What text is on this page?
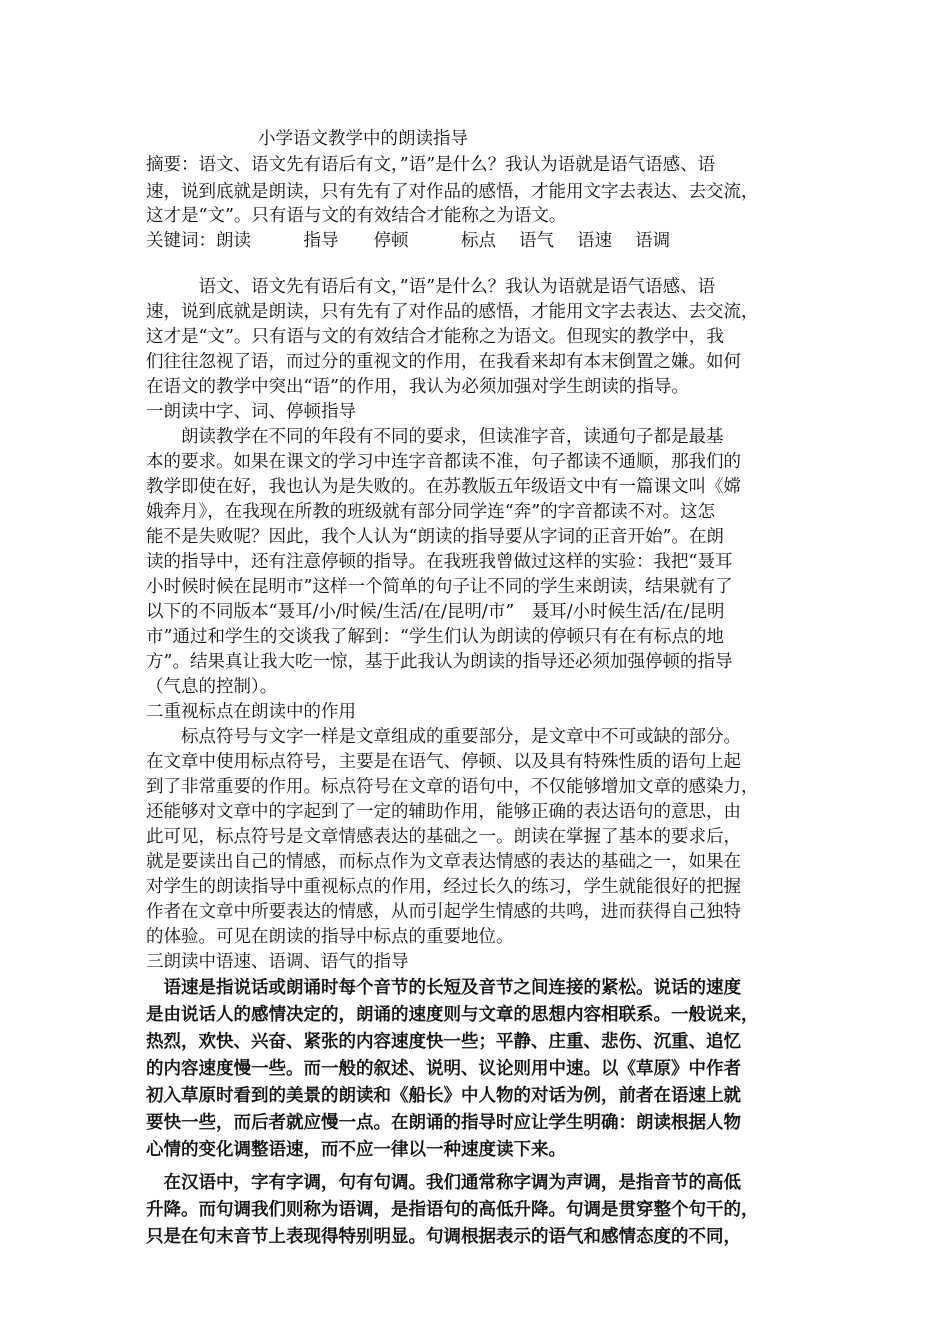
小学语文教学中的朗读指导
摘要：语文、语文先有语后有文，”语”是什么？我认为语就是语气语感、语
速，说到底就是朗读，只有先有了对作品的感悟，才能用文字去表达、去交流，
这才是“文”。只有语与文的有效结合才能称之为语文。
关键词：朗读　　　指导　　停顿　　　标点　 语气　 语速　 语调
　　　语文、语文先有语后有文，”语”是什么？我认为语就是语气语感、语
速，说到底就是朗读，只有先有了对作品的感悟，才能用文字去表达、去交流，
这才是“文”。只有语与文的有效结合才能称之为语文。但现实的教学中，我
们往往忽视了语，而过分的重视文的作用，在我看来却有本末倒置之嫌。如何
在语文的教学中突出“语”的作用，我认为必须加强对学生朗读的指导。
一朗读中字、词、停顿指导
　　朗读教学在不同的年段有不同的要求，但读准字音，读通句子都是最基
本的要求。如果在课文的学习中连字音都读不准，句子都读不通顺，那我们的
教学即使在好，我也认为是失败的。在苏教版五年级语文中有一篇课文叫《嫦
娥奔月》，在我现在所教的班级就有部分同学连“奔”的字音都读不对。这怎
能不是失败呢？因此，我个人认为“朗读的指导要从字词的正音开始”。在朗
读的指导中，还有注意停顿的指导。在我班我曾做过这样的实验：我把“聂耳
小时候时候在昆明市”这样一个简单的句子让不同的学生来朗读，结果就有了
以下的不同版本“聂耳/小/时候/生活/在/昆明/市”　聂耳/小时候生活/在/昆明
市”通过和学生的交谈我了解到：“学生们认为朗读的停顿只有在有标点的地
方”。结果真让我大吃一惊，基于此我认为朗读的指导还必须加强停顿的指导
（气息的控制）。
二重视标点在朗读中的作用
　　标点符号与文字一样是文章组成的重要部分，是文章中不可或缺的部分。
在文章中使用标点符号，主要是在语气、停顿、以及具有特殊性质的语句上起
到了非常重要的作用。标点符号在文章的语句中，不仅能够增加文章的感染力，
还能够对文章中的字起到了一定的辅助作用，能够正确的表达语句的意思，由
此可见，标点符号是文章情感表达的基础之一。朗读在掌握了基本的要求后，
就是要读出自己的情感，而标点作为文章表达情感的表达的基础之一，如果在
对学生的朗读指导中重视标点的作用，经过长久的练习，学生就能很好的把握
作者在文章中所要表达的情感，从而引起学生情感的共鸣，进而获得自己独特
的体验。可见在朗读的指导中标点的重要地位。
三朗读中语速、语调、语气的指导
　语速是指说话或朗诵时每个音节的长短及音节之间连接的紧松。说话的速度
是由说话人的感情决定的，朗诵的速度则与文章的思想内容相联系。一般说来，
热烈，欢快、兴奋、紧张的内容速度快一些；平静、庄重、悲伤、沉重、追忆
的内容速度慢一些。而一般的叙述、说明、议论则用中速。以《草原》中作者
初入草原时看到的美景的朗读和《船长》中人物的对话为例，前者在语速上就
要快一些，而后者就应慢一点。在朗诵的指导时应让学生明确：朗读根据人物
心情的变化调整语速，而不应一律以一种速度读下来。
　在汉语中，字有字调，句有句调。我们通常称字调为声调，是指音节的高低
升降。而句调我们则称为语调，是指语句的高低升降。句调是贯穿整个句干的，
只是在句末音节上表现得特别明显。句调根据表示的语气和感情态度的不同，
